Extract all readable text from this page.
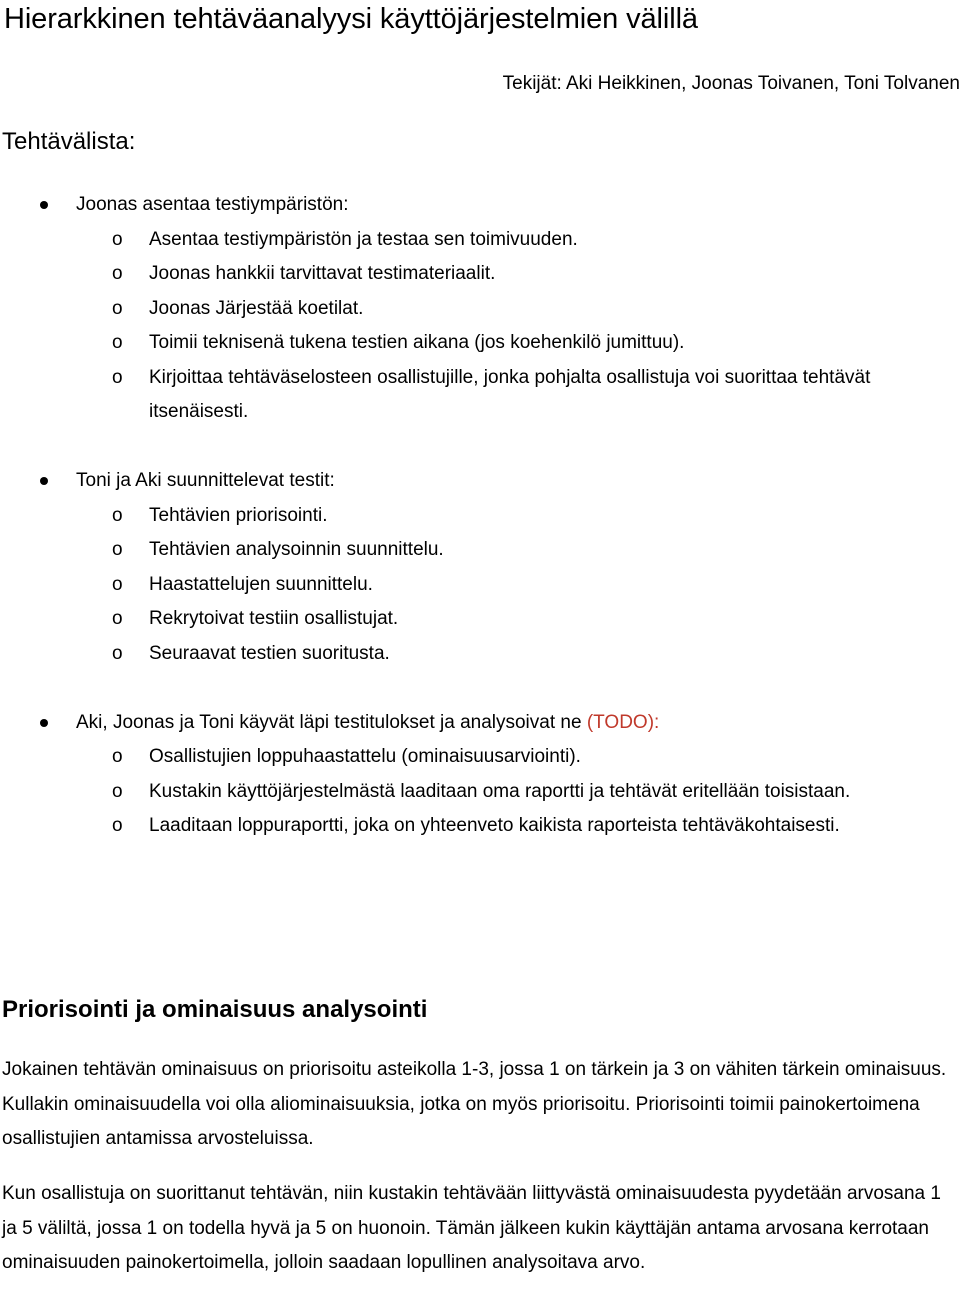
Hierarkkinen tehtäväanalyysi käyttöjärjestelmien välillä
Tekijät: Aki Heikkinen, Joonas Toivanen, Toni Tolvanen
Tehtävälista:
Joonas asentaa testiympäristön:
o Asentaa testiympäristön ja testaa sen toimivuuden.
o Joonas hankkii tarvittavat testimateriaalit.
o Joonas Järjestää koetilat.
o Toimii teknisenä tukena testien aikana (jos koehenkilö jumittuu).
o Kirjoittaa tehtäväselosteen osallistujille, jonka pohjalta osallistuja voi suorittaa tehtävät itsenäisesti.
Toni ja Aki suunnittelevat testit:
o Tehtävien priorisointi.
o Tehtävien analysoinnin suunnittelu.
o Haastattelujen suunnittelu.
o Rekrytoivat testiin osallistujat.
o Seuraavat testien suoritusta.
Aki, Joonas ja Toni käyvät läpi testitulokset ja analysoivat ne (TODO):
o Osallistujien loppuhaastattelu (ominaisuusarviointi).
o Kustakin käyttöjärjestelmästä laaditaan oma raportti ja tehtävät eritellään toisistaan.
o Laaditaan loppuraportti, joka on yhteenveto kaikista raporteista tehtäväkohtaisesti.
Priorisointi ja ominaisuus analysointi

Jokainen tehtävän ominaisuus on priorisoitu asteikolla 1-3, jossa 1 on tärkein ja 3 on vähiten tärkein ominaisuus. Kullakin ominaisuudella voi olla aliominaisuuksia, jotka on myös priorisoitu. Priorisointi toimii painokertoimena osallistujien antamissa arvosteluissa.

Kun osallistuja on suorittanut tehtävän, niin kustakin tehtävään liittyvästä ominaisuudesta pyydetään arvosana 1 ja 5 väliltä, jossa 1 on todella hyvä ja 5 on huonoin. Tämän jälkeen kukin käyttäjän antama arvosana kerrotaan ominaisuuden painokertoimella, jolloin saadaan lopullinen analysoitava arvo.
